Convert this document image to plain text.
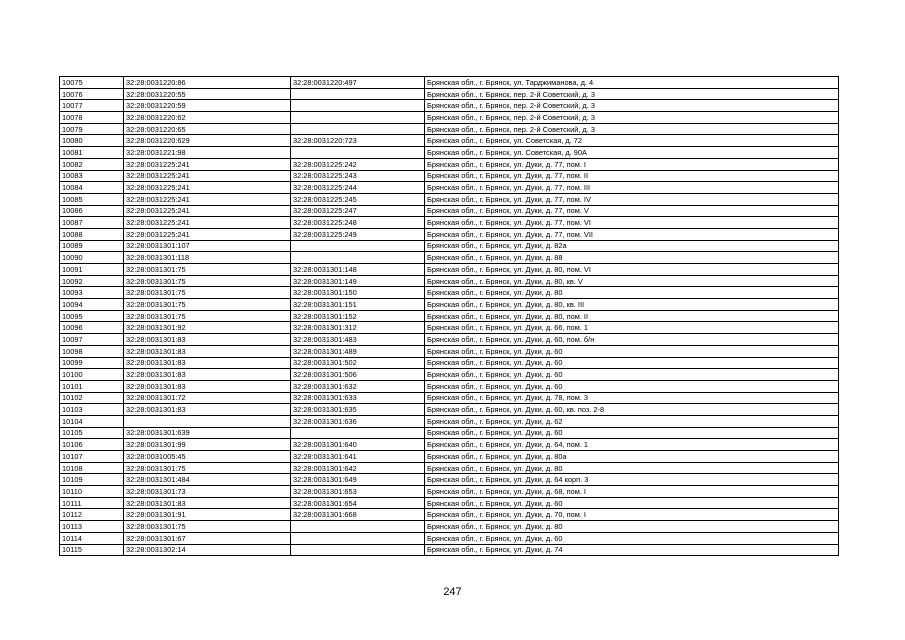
10075	32:28:0031220:86	32:28:0031220:497	Брянская обл., г. Брянск, ул. Тарджиманова, д. 4
10076	32:28:0031220:55		Брянская обл., г. Брянск, пер. 2-й Советский, д. 3
10077	32:28:0031220:59		Брянская обл., г. Брянск, пер. 2-й Советский, д. 3
10078	32:28:0031220:62		Брянская обл., г. Брянск, пер. 2-й Советский, д. 3
10079	32:28:0031220:65		Брянская обл., г. Брянск, пер. 2-й Советский, д. 3
10080	32:28:0031220:629	32:28:0031220:723	Брянская обл., г. Брянск, ул. Советская, д. 72
10081	32:28:0031221:98		Брянская обл., г. Брянск, ул. Советская, д. 90А
10082	32:28:0031225:241	32:28:0031225:242	Брянская обл., г. Брянск, ул. Дуки, д. 77, пом. I
10083	32:28:0031225:241	32:28:0031225:243	Брянская обл., г. Брянск, ул. Дуки, д. 77, пом. II
10084	32:28:0031225:241	32:28:0031225:244	Брянская обл., г. Брянск, ул. Дуки, д. 77, пом. III
10085	32:28:0031225:241	32:28:0031225:245	Брянская обл., г. Брянск, ул. Дуки, д. 77, пом. IV
10086	32:28:0031225:241	32:28:0031225:247	Брянская обл., г. Брянск, ул. Дуки, д. 77, пом. V
10087	32:28:0031225:241	32:28:0031225:248	Брянская обл., г. Брянск, ул. Дуки, д. 77, пом. VI
10088	32:28:0031225:241	32:28:0031225:249	Брянская обл., г. Брянск, ул. Дуки, д. 77, пом. VII
10089	32:28:0031301:107		Брянская обл., г. Брянск, ул. Дуки, д. 82а
10090	32:28:0031301:118		Брянская обл., г. Брянск, ул. Дуки, д. 88
10091	32:28:0031301:75	32:28:0031301:148	Брянская обл., г. Брянск, ул. Дуки, д. 80, пом. VI
10092	32:28:0031301:75	32:28:0031301:149	Брянская обл., г. Брянск, ул. Дуки, д. 80, кв. V
10093	32:28:0031301:75	32:28:0031301:150	Брянская обл., г. Брянск, ул. Дуки, д. 80
10094	32:28:0031301:75	32:28:0031301:151	Брянская обл., г. Брянск, ул. Дуки, д. 80, кв. III
10095	32:28:0031301:75	32:28:0031301:152	Брянская обл., г. Брянск, ул. Дуки, д. 80, пом. II
10096	32:28:0031301:92	32:28:0031301:312	Брянская обл., г. Брянск, ул. Дуки, д. 66, пом. 1
10097	32:28:0031301:83	32:28:0031301:483	Брянская обл., г. Брянск, ул. Дуки, д. 60, пом. б/н
10098	32:28:0031301:83	32:28:0031301:489	Брянская обл., г. Брянск, ул. Дуки, д. 60
10099	32:28:0031301:83	32:28:0031301:502	Брянская обл., г. Брянск, ул. Дуки, д. 60
10100	32:28:0031301:83	32:28:0031301:506	Брянская обл., г. Брянск, ул. Дуки, д. 60
10101	32:28:0031301:83	32:28:0031301:632	Брянская обл., г. Брянск, ул. Дуки, д. 60
10102	32:28:0031301:72	32:28:0031301:633	Брянская обл., г. Брянск, ул. Дуки, д. 78, пом. 3
10103	32:28:0031301:83	32:28:0031301:635	Брянская обл., г. Брянск, ул. Дуки, д. 60, кв. поз. 2-8
10104		32:28:0031301:636	Брянская обл., г. Брянск, ул. Дуки, д. 62
10105	32:28:0031301:639		Брянская обл., г. Брянск, ул. Дуки, д. 60
10106	32:28:0031301:99	32:28:0031301:640	Брянская обл., г. Брянск, ул. Дуки, д. 64, пом. 1
10107	32:28:0031005:45	32:28:0031301:641	Брянская обл., г. Брянск, ул. Дуки, д. 80а
10108	32:28:0031301:75	32:28:0031301:642	Брянская обл., г. Брянск, ул. Дуки, д. 80
10109	32:28:0031301:484	32:28:0031301:649	Брянская обл., г. Брянск, ул. Дуки, д. 64 корп. 3
10110	32:28:0031301:73	32:28:0031301:653	Брянская обл., г. Брянск, ул. Дуки, д. 68, пом. I
10111	32:28:0031301:83	32:28:0031301:654	Брянская обл., г. Брянск, ул. Дуки, д. 60
10112	32:28:0031301:91	32:28:0031301:668	Брянская обл., г. Брянск, ул. Дуки, д. 70, пом. I
10113	32:28:0031301:75		Брянская обл., г. Брянск, ул. Дуки, д. 80
10114	32:28:0031301:67		Брянская обл., г. Брянск, ул. Дуки, д. 60
10115	32:28:0031302:14		Брянская обл., г. Брянск, ул. Дуки, д. 74
247
